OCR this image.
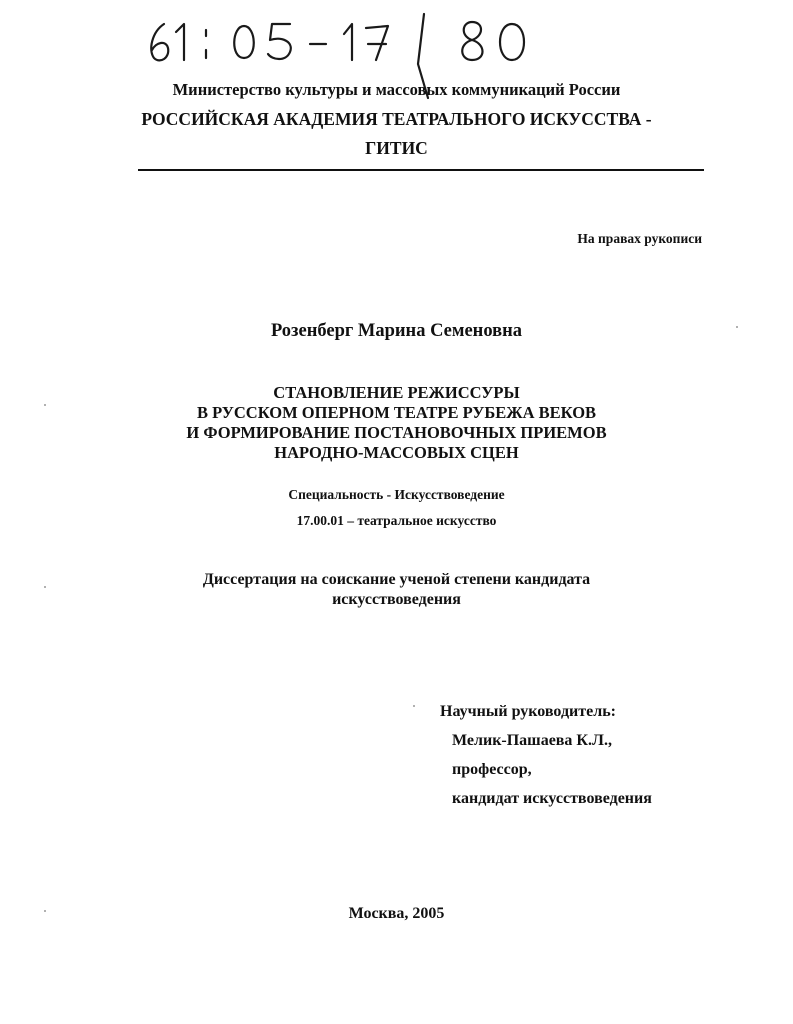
Министерство культуры и массовых коммуникаций России
РОССИЙСКАЯ АКАДЕМИЯ ТЕАТРАЛЬНОГО ИСКУССТВА -
ГИТИС
На правах рукописи
Розенберг Марина Семеновна
СТАНОВЛЕНИЕ РЕЖИССУРЫ
В РУССКОМ ОПЕРНОМ ТЕАТРЕ РУБЕЖА ВЕКОВ
И ФОРМИРОВАНИЕ ПОСТАНОВОЧНЫХ ПРИЕМОВ
НАРОДНО-МАССОВЫХ СЦЕН
Специальность - Искусствоведение
17.00.01 – театральное искусство
Диссертация на соискание ученой степени кандидата
искусствоведения
Научный руководитель:
Мелик-Пашаева К.Л.,
профессор,
кандидат искусствоведения
Москва, 2005
